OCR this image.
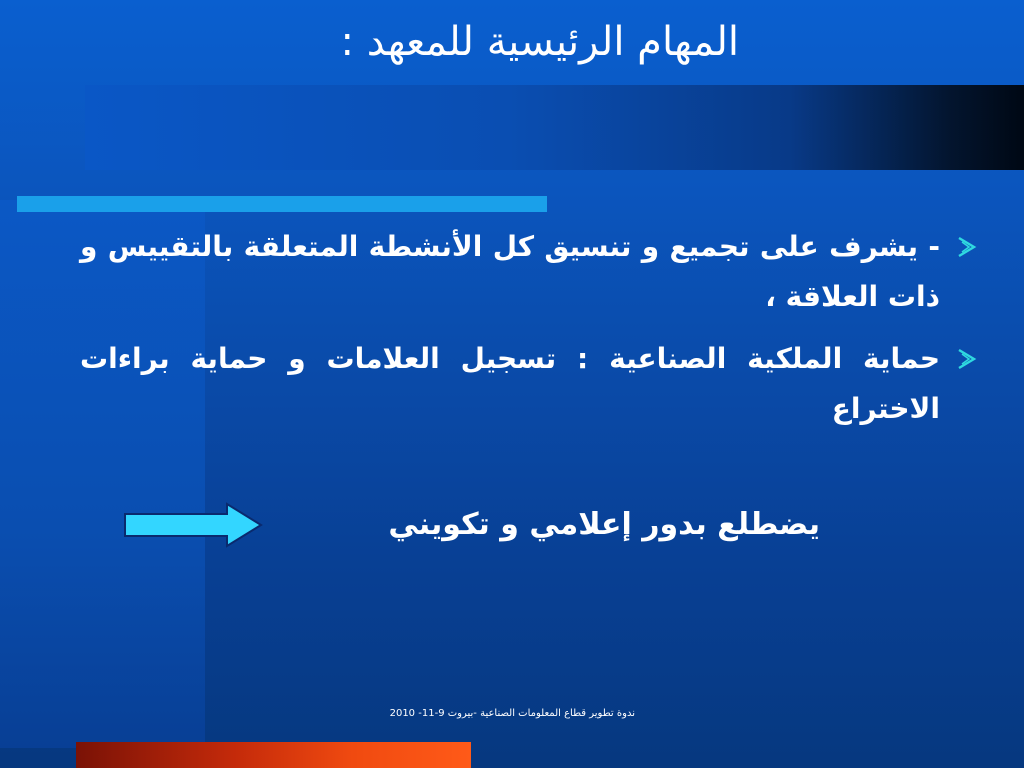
المهام الرئيسية للمعهد :
- يشرف على تجميع و تنسيق كل الأنشطة المتعلقة بالتقييس و ذات العلاقة ،
حماية الملكية الصناعية : تسجيل العلامات و حماية براءات الاختراع
يضطلع بدور إعلامي و تكويني
ندوة تطوير قطاع المعلومات الصناعية -بيروت 9-11- 2010
